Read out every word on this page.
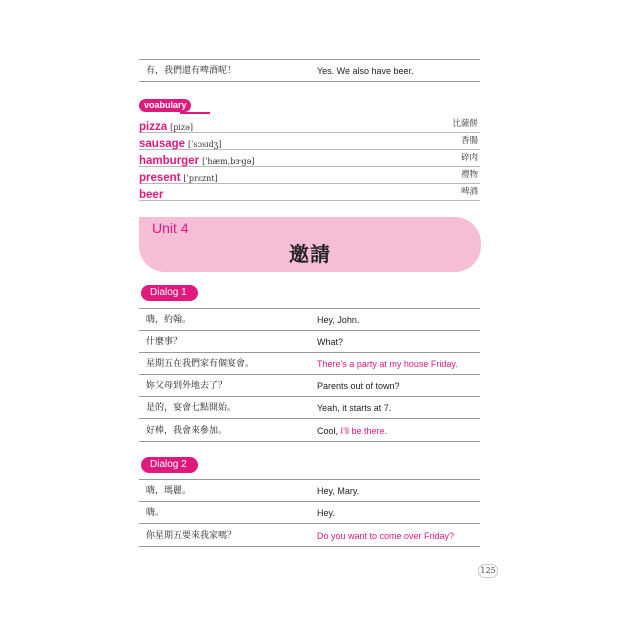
有，我們還有啤酒呢！	Yes. We also have beer.
voabulary
pizza [pizǝ]	比薩餅
sausage [ˈsɔsɪdʒ]	香腸
hamburger [ˈhæm,bɝgǝ]	碎肉
present [ˈprɛznt]	禮物
beer	啤酒
Unit 4
邀請
Dialog 1
嗨，約翰。	Hey, John.
什麼事？	What?
星期五在我們家有個宴會。	There’s a party at my house Friday.
妳父母到外地去了？	Parents out of town?
是的，宴會七點開始。	Yeah, it starts at 7.
好棒，我會來參加。	Cool, I’ll be there.
Dialog 2
嗨，瑪麗。	Hey, Mary.
嗨。	Hey.
你星期五要來我家嗎？	Do you want to come over Friday?
125
